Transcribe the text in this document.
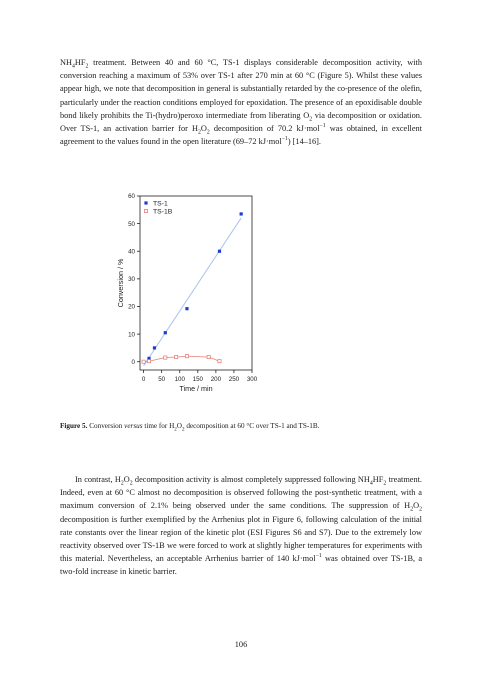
$NH_4HF_2$ treatment. Between 40 and 60 °C, TS-1 displays considerable decomposition activity, with conversion reaching a maximum of 53% over TS-1 after 270 min at 60 °C (Figure 5). Whilst these values appear high, we note that decomposition in general is substantially retarded by the co-presence of the olefin, particularly under the reaction conditions employed for epoxidation. The presence of an epoxidisable double bond likely prohibits the Ti-(hydro)peroxo intermediate from liberating $O_2$ via decomposition or oxidation. Over TS-1, an activation barrier for $H_2O_2$ decomposition of 70.2 kJ·mol$^{-1}$ was obtained, in excellent agreement to the values found in the open literature (69–72 kJ·mol$^{-1}$) [14–16].

0 50 100 150 200 250 300
0
10
20
30
40
50
60
Time / min
Conversion / %
TS-1
TS-1B

Figure 5. Conversion versus time for $H_2O_2$ decomposition at 60 °C over TS-1 and TS-1B.

In contrast, $H_2O_2$ decomposition activity is almost completely suppressed following $NH_4HF_2$ treatment. Indeed, even at 60 °C almost no decomposition is observed following the post-synthetic treatment, with a maximum conversion of 2.1% being observed under the same conditions. The suppression of $H_2O_2$ decomposition is further exemplified by the Arrhenius plot in Figure 6, following calculation of the initial rate constants over the linear region of the kinetic plot (ESI Figures S6 and S7). Due to the extremely low reactivity observed over TS-1B we were forced to work at slightly higher temperatures for experiments with this material. Nevertheless, an acceptable Arrhenius barrier of 140 kJ·mol$^{-1}$ was obtained over TS-1B, a two-fold increase in kinetic barrier.

106
